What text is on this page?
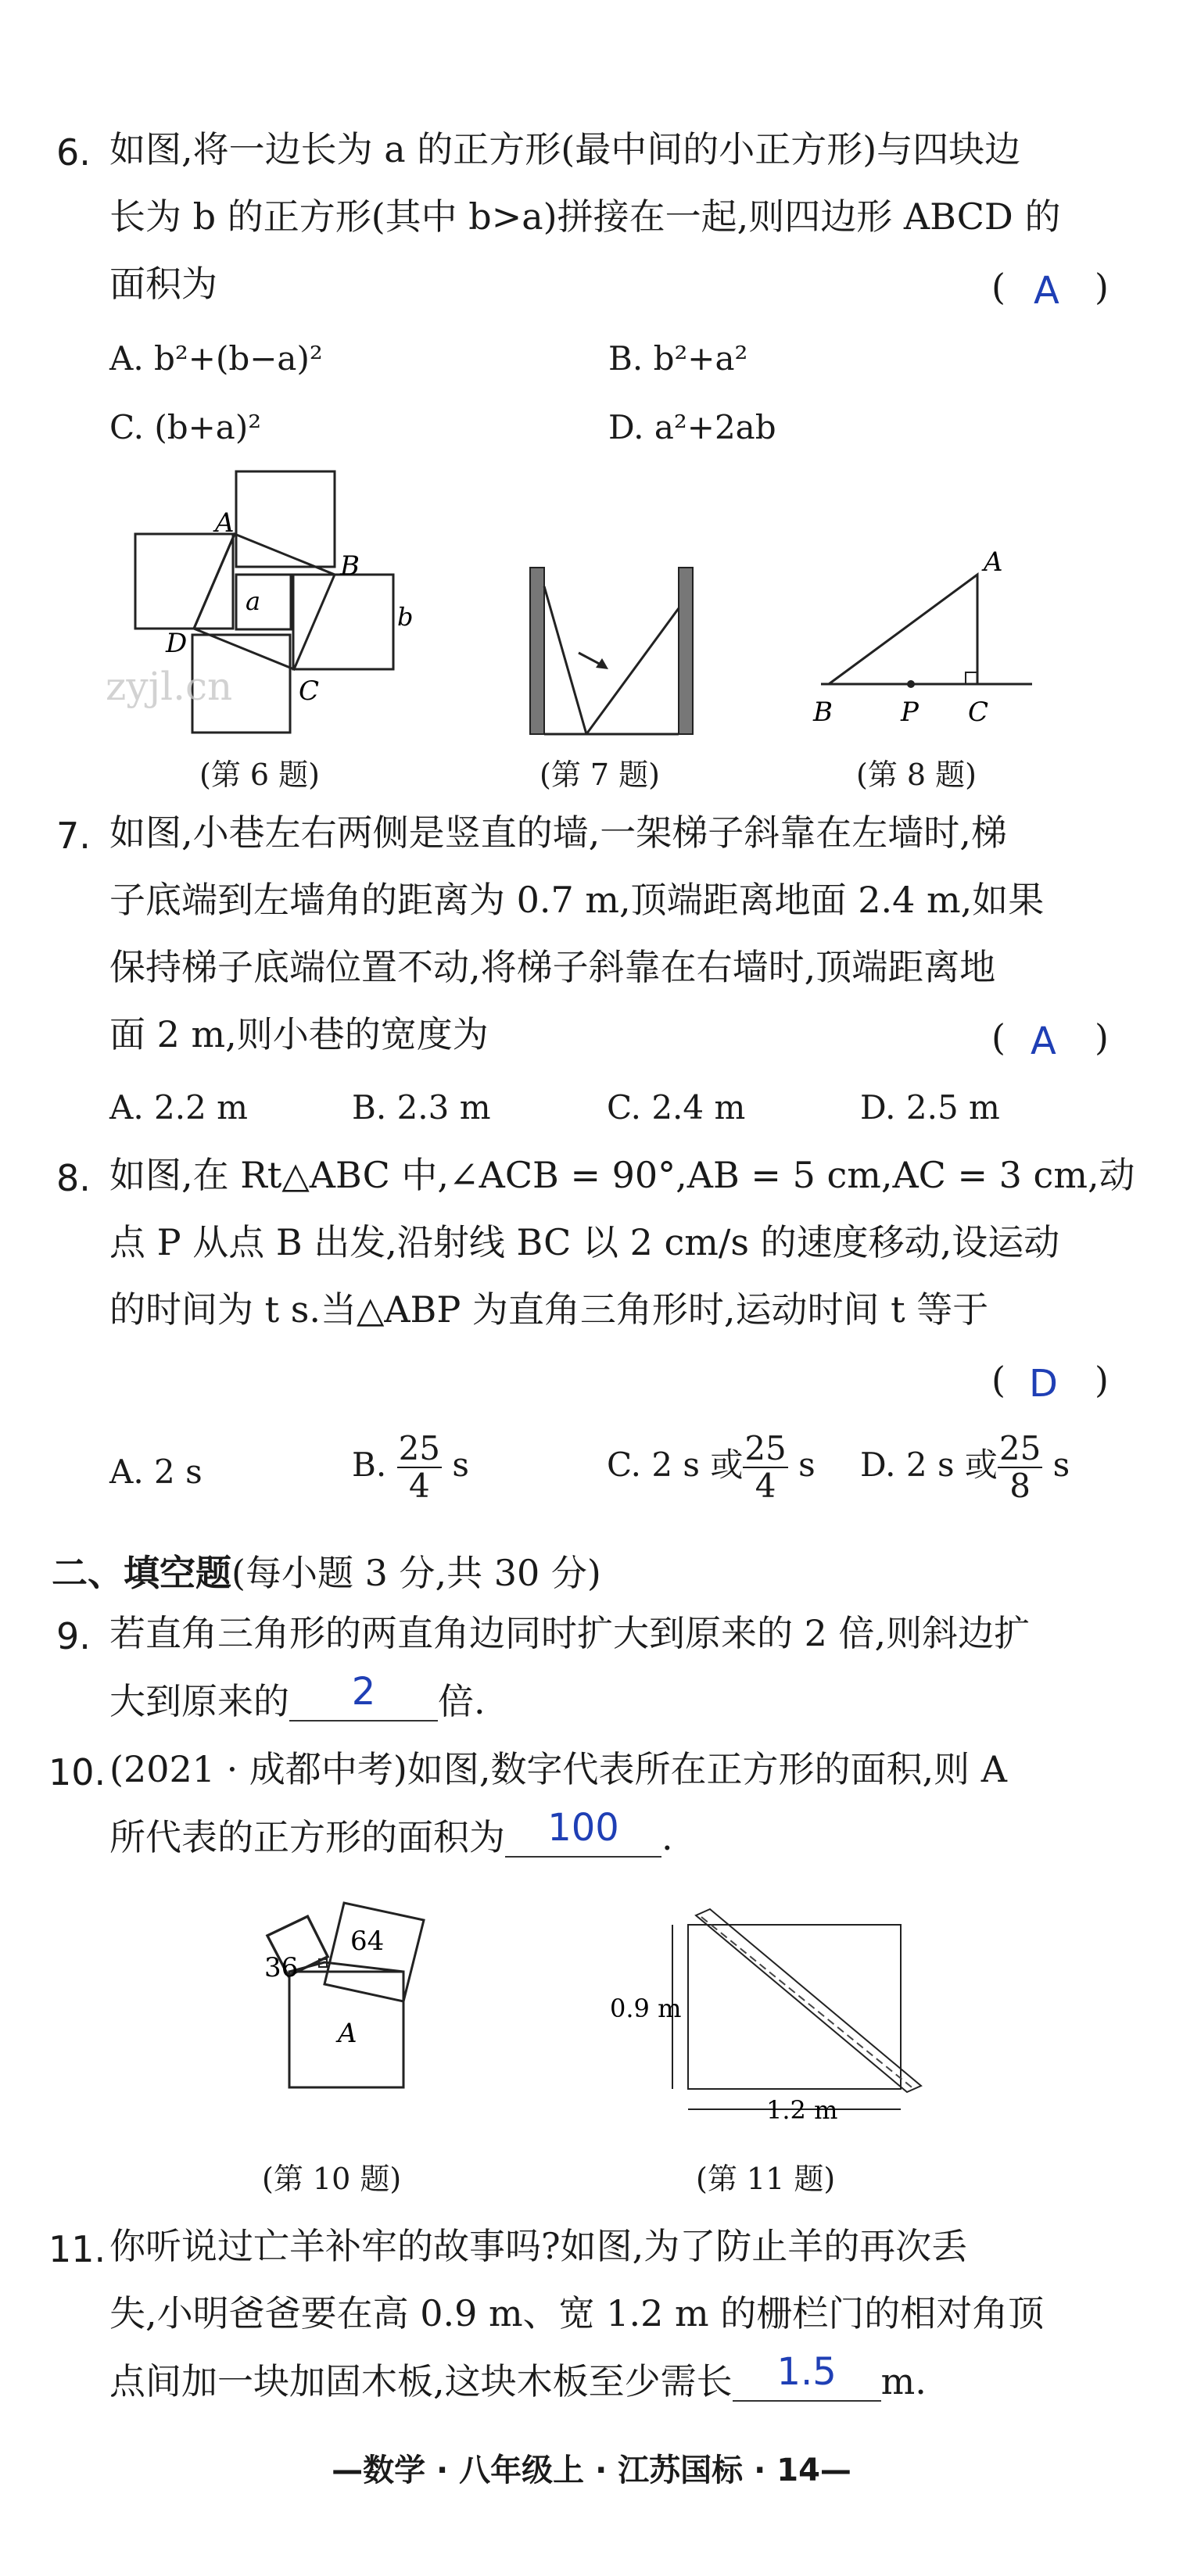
6. 如图,将一边长为 a 的正方形(最中间的小正方形)与四块边
长为 b 的正方形(其中 b>a)拼接在一起,则四边形 ABCD 的
面积为	( A )
A. b²+(b−a)²	B. b²+a²
C. (b+a)²	D. a²+2ab
A
B
C
D
a
b
zyjl.cn
(第 6 题)	(第 7 题)
A
B	P C
(第 8 题)
7. 如图,小巷左右两侧是竖直的墙,一架梯子斜靠在左墙时,梯
子底端到左墙角的距离为 0.7 m,顶端距离地面 2.4 m,如果
保持梯子底端位置不动,将梯子斜靠在右墙时,顶端距离地
面 2 m,则小巷的宽度为	( A )
A. 2.2 m	B. 2.3 m	C. 2.4 m	D. 2.5 m
8. 如图,在 Rt△ABC 中,∠ACB = 90°,AB = 5 cm,AC = 3 cm,动
点 P 从点 B 出发,沿射线 BC 以 2 cm/s 的速度移动,设运动
的时间为 t s.当△ABP 为直角三角形时,运动时间 t 等于
( D )
A. 2 s	B. $\frac{25}{4}$ s	C. 2 s 或 $\frac{25}{4}$ s D. 2 s 或 $\frac{25}{8}$ s
二、填空题(每小题 3 分,共 30 分)
9. 若直角三角形的两直角边同时扩大到原来的 2 倍,则斜边扩
大到原来的 2 倍.
10. (2021 · 成都中考)如图,数字代表所在正方形的面积,则 A
所代表的正方形的面积为 100 .
36
64
A
(第 10 题)
0.9 m
1.2 m
(第 11 题)
11. 你听说过亡羊补牢的故事吗?如图,为了防止羊的再次丢
失,小明爸爸要在高 0.9 m、宽 1.2 m 的栅栏门的相对角顶
点间加一块加固木板,这块木板至少需长 1.5 m.
—数学 · 八年级上 · 江苏国标 · 14—
